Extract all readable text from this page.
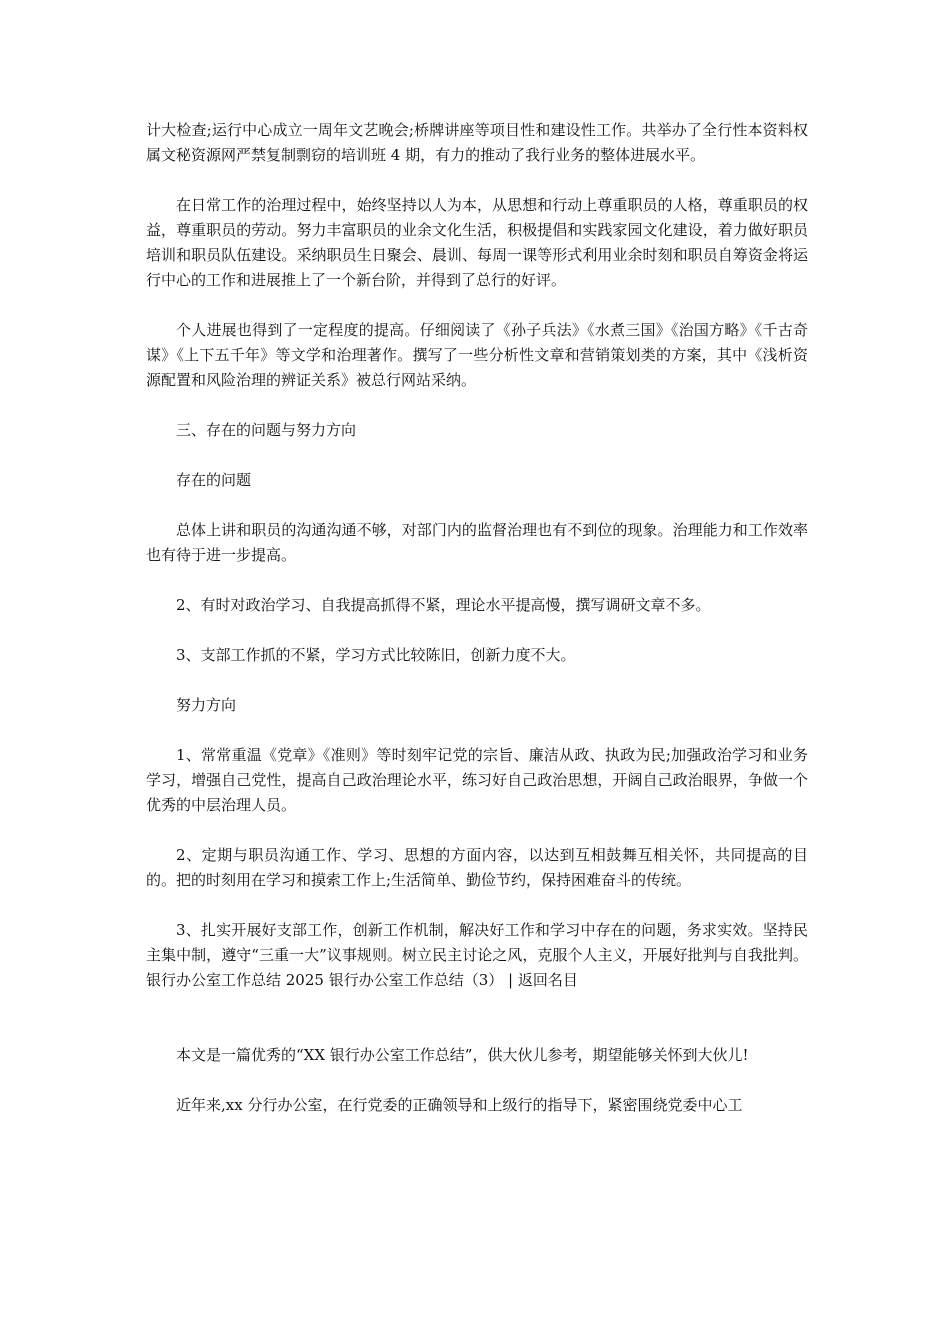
计大检查;运行中心成立一周年文艺晚会;桥牌讲座等项目性和建设性工作。共举办了全行性本资料权属文秘资源网严禁复制剽窃的培训班 4 期，有力的推动了我行业务的整体进展水平。

在日常工作的治理过程中，始终坚持以人为本，从思想和行动上尊重职员的人格，尊重职员的权益，尊重职员的劳动。努力丰富职员的业余文化生活，积极提倡和实践家园文化建设，着力做好职员培训和职员队伍建设。采纳职员生日聚会、晨训、每周一课等形式利用业余时刻和职员自筹资金将运行中心的工作和进展推上了一个新台阶，并得到了总行的好评。

个人进展也得到了一定程度的提高。仔细阅读了《孙子兵法》《水煮三国》《治国方略》《千古奇谋》《上下五千年》等文学和治理著作。撰写了一些分析性文章和营销策划类的方案，其中《浅析资源配置和风险治理的辨证关系》被总行网站采纳。

三、存在的问题与努力方向

存在的问题

总体上讲和职员的沟通沟通不够，对部门内的监督治理也有不到位的现象。治理能力和工作效率也有待于进一步提高。

2、有时对政治学习、自我提高抓得不紧，理论水平提高慢，撰写调研文章不多。

3、支部工作抓的不紧，学习方式比较陈旧，创新力度不大。

努力方向

1、常常重温《党章》《准则》等时刻牢记党的宗旨、廉洁从政、执政为民;加强政治学习和业务学习，增强自己党性，提高自己政治理论水平，练习好自己政治思想，开阔自己政治眼界，争做一个优秀的中层治理人员。

2、定期与职员沟通工作、学习、思想的方面内容，以达到互相鼓舞互相关怀，共同提高的目的。把的时刻用在学习和摸索工作上;生活简单、勤俭节约，保持困难奋斗的传统。

3、扎实开展好支部工作，创新工作机制，解决好工作和学习中存在的问题，务求实效。坚持民主集中制，遵守“三重一大”议事规则。树立民主讨论之风，克服个人主义，开展好批判与自我批判。银行办公室工作总结 2025 银行办公室工作总结（3） | 返回名目

本文是一篇优秀的“XX 银行办公室工作总结”，供大伙儿参考，期望能够关怀到大伙儿!

近年来,xx 分行办公室，在行党委的正确领导和上级行的指导下，紧密围绕党委中心工
